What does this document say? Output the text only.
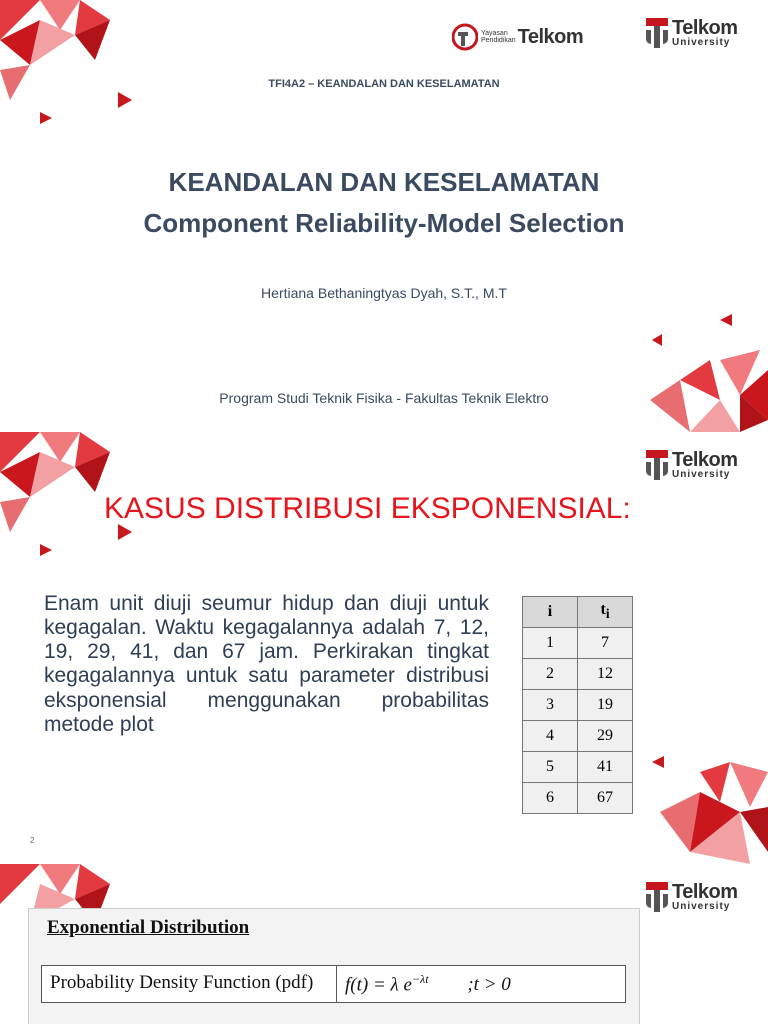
Yayasan
Pendidikan Telkom	Telkom
University
TFI4A2 – KEANDALAN DAN KESELAMATAN
KEANDALAN DAN KESELAMATAN
Component Reliability-Model Selection
Hertiana Bethaningtyas Dyah, S.T., M.T
Program Studi Teknik Fisika - Fakultas Teknik Elektro
Telkom
University
KASUS DISTRIBUSI EKSPONENSIAL:

Enam unit diuji seumur hidup dan diuji untuk kegagalan. Waktu kegagalannya adalah 7, 12, 19, 29, 41, dan 67 jam. Perkirakan tingkat kegagalannya untuk satu parameter distribusi eksponensial menggunakan probabilitas metode plot

i	$t_i$
1	7
2	12
3	19
4	29
5	41
6	67
2
Telkom
University
Exponential Distribution
Probability Density Function (pdf)	f(t) = λ $e^{-\lambda t}$ ;t > 0
